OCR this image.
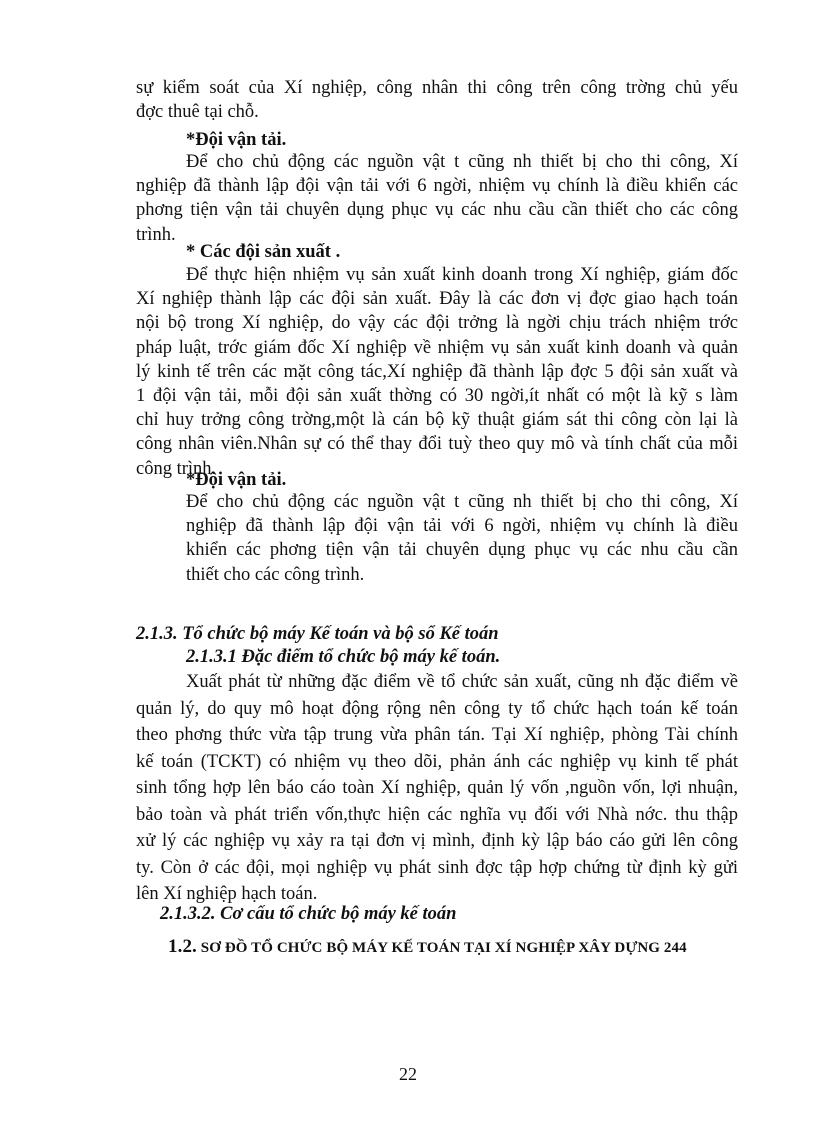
sự kiểm soát của Xí nghiệp, công nhân thi công trên công trờng chủ yếu
đợc thuê tại chỗ.
*Đội vận tải.
Để cho chủ động các nguồn vật t cũng nh thiết bị cho thi công, Xí
nghiệp đã thành lập đội vận tải với 6 ngời, nhiệm vụ chính là điều khiển các
phơng tiện vận tải chuyên dụng phục vụ các nhu cầu cần thiết cho các công
trình.
* Các đội sản xuất .
Để thực hiện nhiệm vụ sản xuất kinh doanh trong Xí nghiệp, giám đốc
Xí nghiệp thành lập các đội sản xuất. Đây là các đơn vị đợc giao hạch toán
nội bộ trong Xí nghiệp, do vậy các đội trởng là ngời chịu trách nhiệm trớc
pháp luật, trớc giám đốc Xí nghiệp về nhiệm vụ sản xuất kinh doanh và quản
lý kinh tế trên các mặt công tác,Xí nghiệp đã thành lập đợc 5 đội sản xuất và
1 đội vận tải, mỗi đội sản xuất thờng có 30 ngời,ít nhất có một là kỹ s làm
chỉ huy trởng công trờng,một là cán bộ kỹ thuật giám sát thi công còn lại là
công nhân viên.Nhân sự có thể thay đổi tuỳ theo quy mô và tính chất của mỗi
công trình.
*Đội vận tải.
Để cho chủ động các nguồn vật t cũng nh thiết bị cho thi công, Xí
nghiệp đã thành lập đội vận tải với 6 ngời, nhiệm vụ chính là điều
khiển các phơng tiện vận tải chuyên dụng phục vụ các nhu cầu cần
thiết cho các công trình.
2.1.3. Tổ chức bộ máy Kế toán và bộ sổ Kế toán
2.1.3.1 Đặc điểm tổ chức bộ máy kế toán.
Xuất phát từ những đặc điểm về tổ chức sản xuất, cũng nh đặc điểm về
quản lý, do quy mô hoạt động rộng nên công ty tổ chức hạch toán kế toán
theo phơng thức vừa tập trung vừa phân tán. Tại Xí nghiệp, phòng Tài chính
kế toán (TCKT) có nhiệm vụ theo dõi, phản ánh các nghiệp vụ kinh tế phát
sinh tổng hợp lên báo cáo toàn Xí nghiệp, quản lý vốn ,nguồn vốn, lợi nhuận,
bảo toàn và phát triển vốn,thực hiện các nghĩa vụ đối với Nhà nớc. thu thập
xử lý các nghiệp vụ xảy ra tại đơn vị mình, định kỳ lập báo cáo gửi lên công
ty. Còn ở các đội, mọi nghiệp vụ phát sinh đợc tập hợp chứng từ định kỳ gửi
lên Xí nghiệp hạch toán.
2.1.3.2. Cơ cấu tổ chức bộ máy kế toán
1.2. SƠ ĐỒ TỔ CHỨC BỘ MÁY KẾ TOÁN TẠI XÍ NGHIỆP XÂY DỰNG 244
22
